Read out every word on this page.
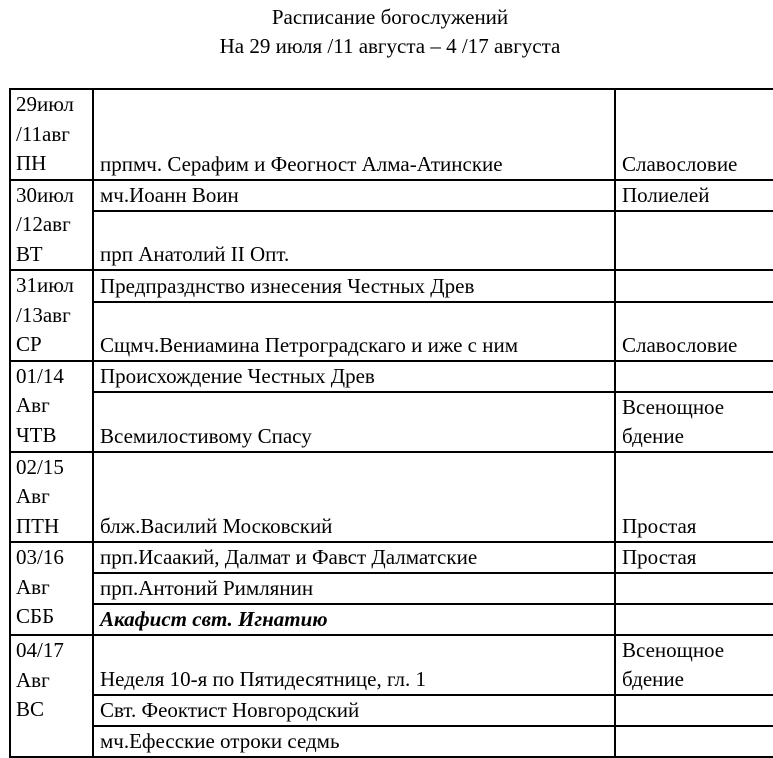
Расписание богослужений
На 29 июля /11 августа – 4 /17 августа
29июл
/11авг
ПН	прпмч. Серафим и Феогност Алма-Атинские	Славословие

30июл
/12авг
ВТ	мч.Иоанн Воин	Полиелей
	прп Анатолий II Опт.	

31июл
/13авг
СР	Предпразднство изнесения Честных Древ	
	Сщмч.Вениамина Петроградскаго и иже с ним	Славословие

01/14
Авг
ЧТВ	Происхождение Честных Древ	
	Всемилостивому Спасу	Всенощное бдение

02/15
Авг
ПТН	блж.Василий Московский	Простая

03/16
Авг
СББ	прп.Исаакий, Далмат и Фавст Далматские	Простая
	прп.Антоний Римлянин	
	Акафист свт. Игнатию	

04/17
Авг
ВС	Неделя 10-я по Пятидесятнице, гл. 1	Всенощное бдение
	Свт. Феоктист Новгородский	
	мч.Ефесские отроки седмь	
